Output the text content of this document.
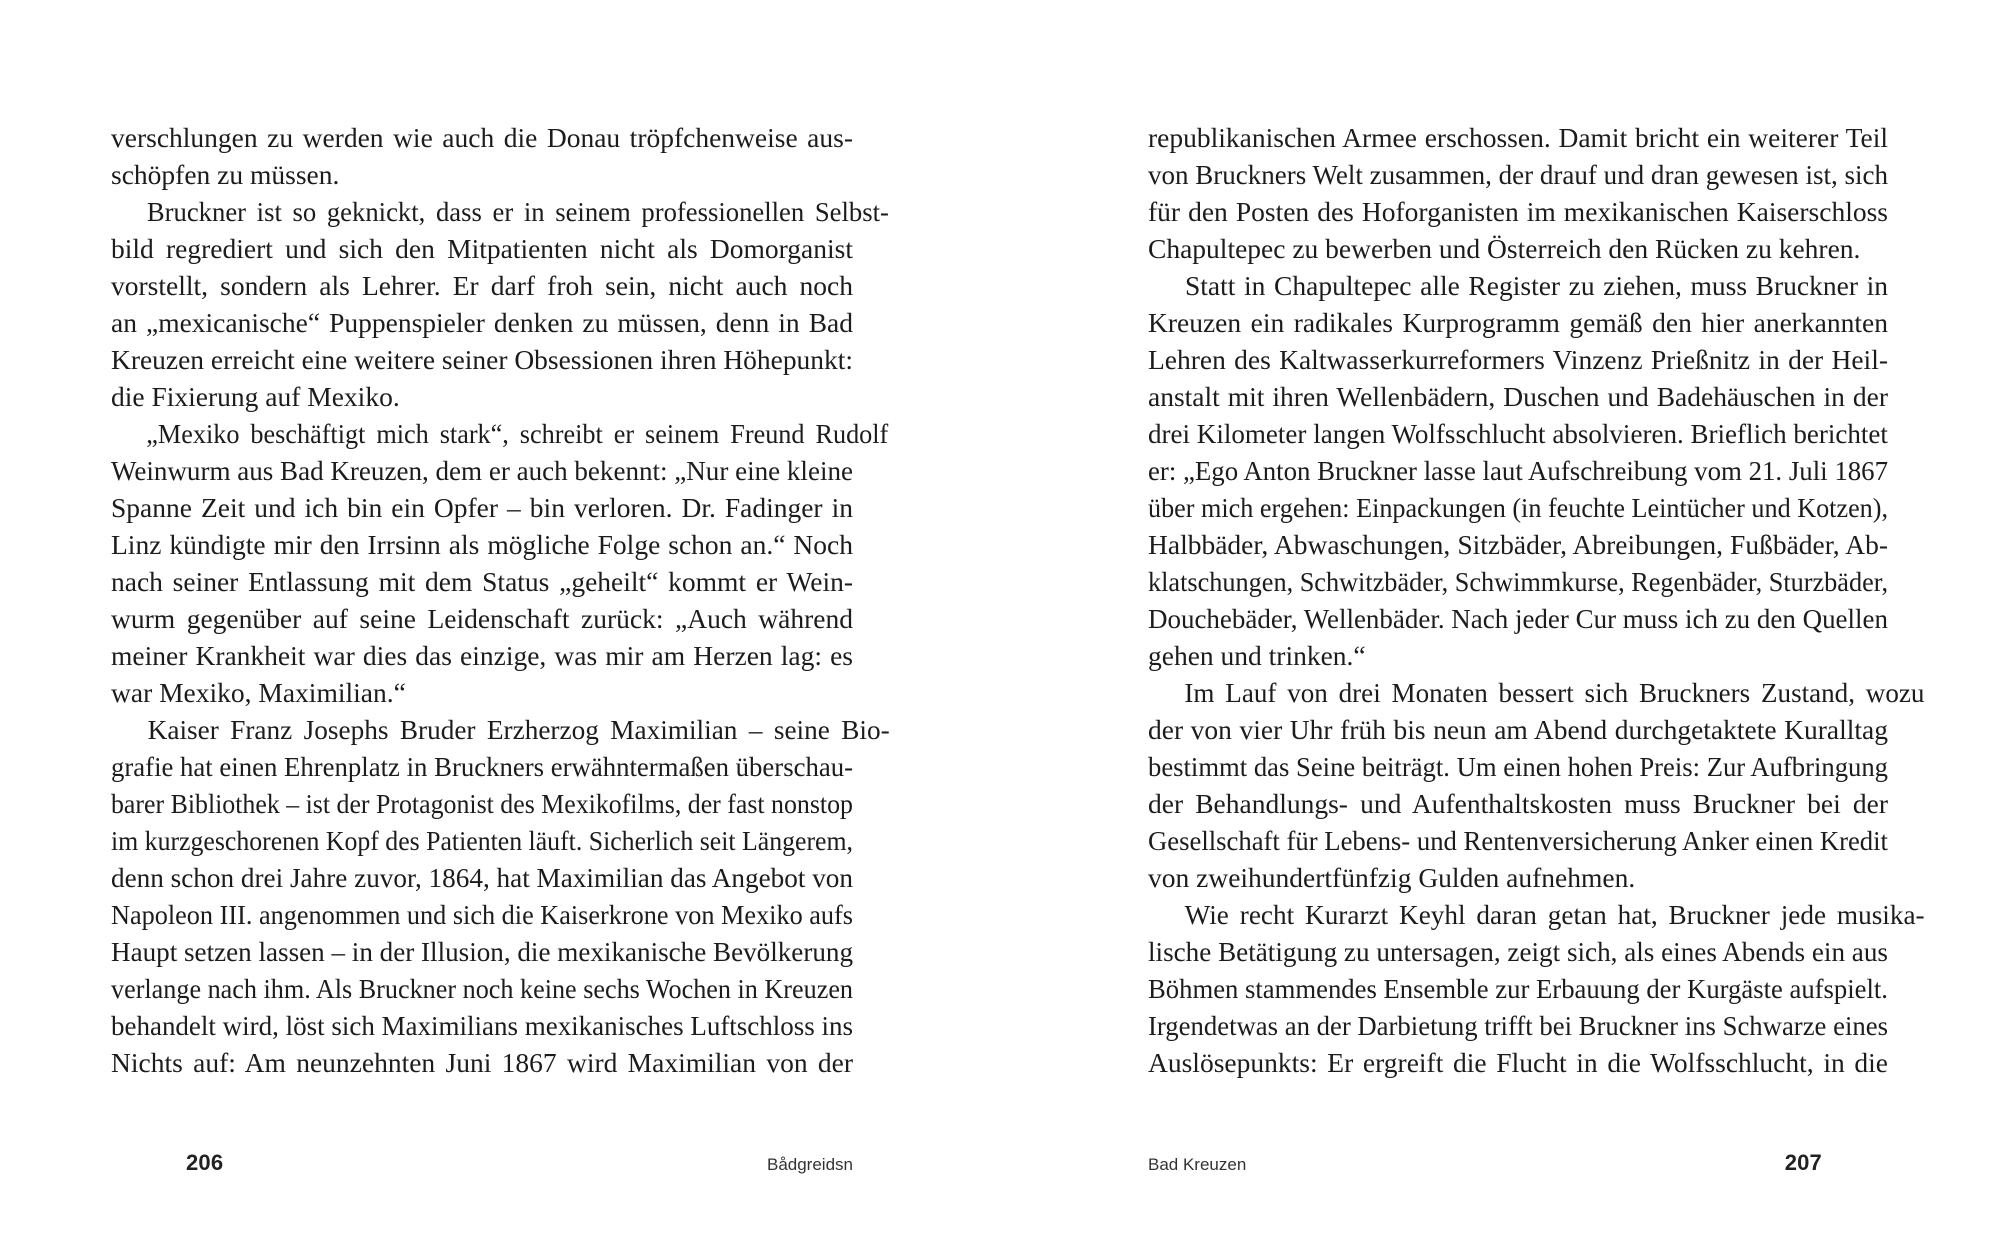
verschlungen zu werden wie auch die Donau tröpfchenweise aus-
schöpfen zu müssen.
Bruckner ist so geknickt, dass er in seinem professionellen Selbst-
bild regrediert und sich den Mitpatienten nicht als Domorganist
vorstellt, sondern als Lehrer. Er darf froh sein, nicht auch noch
an „mexicanische“ Puppenspieler denken zu müssen, denn in Bad
Kreuzen erreicht eine weitere seiner Obsessionen ihren Höhepunkt:
die Fixierung auf Mexiko.
„Mexiko beschäftigt mich stark“, schreibt er seinem Freund Rudolf
Weinwurm aus Bad Kreuzen, dem er auch bekennt: „Nur eine kleine
Spanne Zeit und ich bin ein Opfer – bin verloren. Dr. Fadinger in
Linz kündigte mir den Irrsinn als mögliche Folge schon an.“ Noch
nach seiner Entlassung mit dem Status „geheilt“ kommt er Wein-
wurm gegenüber auf seine Leidenschaft zurück: „Auch während
meiner Krankheit war dies das einzige, was mir am Herzen lag: es
war Mexiko, Maximilian.“
Kaiser Franz Josephs Bruder Erzherzog Maximilian – seine Bio-
grafie hat einen Ehrenplatz in Bruckners erwähntermaßen überschau-
barer Bibliothek – ist der Protagonist des Mexikofilms, der fast nonstop
im kurzgeschorenen Kopf des Patienten läuft. Sicherlich seit Längerem,
denn schon drei Jahre zuvor, 1864, hat Maximilian das Angebot von
Napoleon III. angenommen und sich die Kaiserkrone von Mexiko aufs
Haupt setzen lassen – in der Illusion, die mexikanische Bevölkerung
verlange nach ihm. Als Bruckner noch keine sechs Wochen in Kreuzen
behandelt wird, löst sich Maximilians mexikanisches Luftschloss ins
Nichts auf: Am neunzehnten Juni 1867 wird Maximilian von der
206	Bådgreidsn
republikanischen Armee erschossen. Damit bricht ein weiterer Teil
von Bruckners Welt zusammen, der drauf und dran gewesen ist, sich
für den Posten des Hoforganisten im mexikanischen Kaiserschloss
Chapultepec zu bewerben und Österreich den Rücken zu kehren.
Statt in Chapultepec alle Register zu ziehen, muss Bruckner in
Kreuzen ein radikales Kurprogramm gemäß den hier anerkannten
Lehren des Kaltwasserkurreformers Vinzenz Prießnitz in der Heil-
anstalt mit ihren Wellenbädern, Duschen und Badehäuschen in der
drei Kilometer langen Wolfsschlucht absolvieren. Brieflich berichtet
er: „Ego Anton Bruckner lasse laut Aufschreibung vom 21. Juli 1867
über mich ergehen: Einpackungen (in feuchte Leintücher und Kotzen),
Halbbäder, Abwaschungen, Sitzbäder, Abreibungen, Fußbäder, Ab-
klatschungen, Schwitzbäder, Schwimmkurse, Regenbäder, Sturzbäder,
Douchebäder, Wellenbäder. Nach jeder Cur muss ich zu den Quellen
gehen und trinken.“
Im Lauf von drei Monaten bessert sich Bruckners Zustand, wozu
der von vier Uhr früh bis neun am Abend durchgetaktete Kuralltag
bestimmt das Seine beiträgt. Um einen hohen Preis: Zur Aufbringung
der Behandlungs- und Aufenthaltskosten muss Bruckner bei der
Gesellschaft für Lebens- und Rentenversicherung Anker einen Kredit
von zweihundertfünfzig Gulden aufnehmen.
Wie recht Kurarzt Keyhl daran getan hat, Bruckner jede musika-
lische Betätigung zu untersagen, zeigt sich, als eines Abends ein aus
Böhmen stammendes Ensemble zur Erbauung der Kurgäste aufspielt.
Irgendetwas an der Darbietung trifft bei Bruckner ins Schwarze eines
Auslösepunkts: Er ergreift die Flucht in die Wolfsschlucht, in die
Bad Kreuzen	207
